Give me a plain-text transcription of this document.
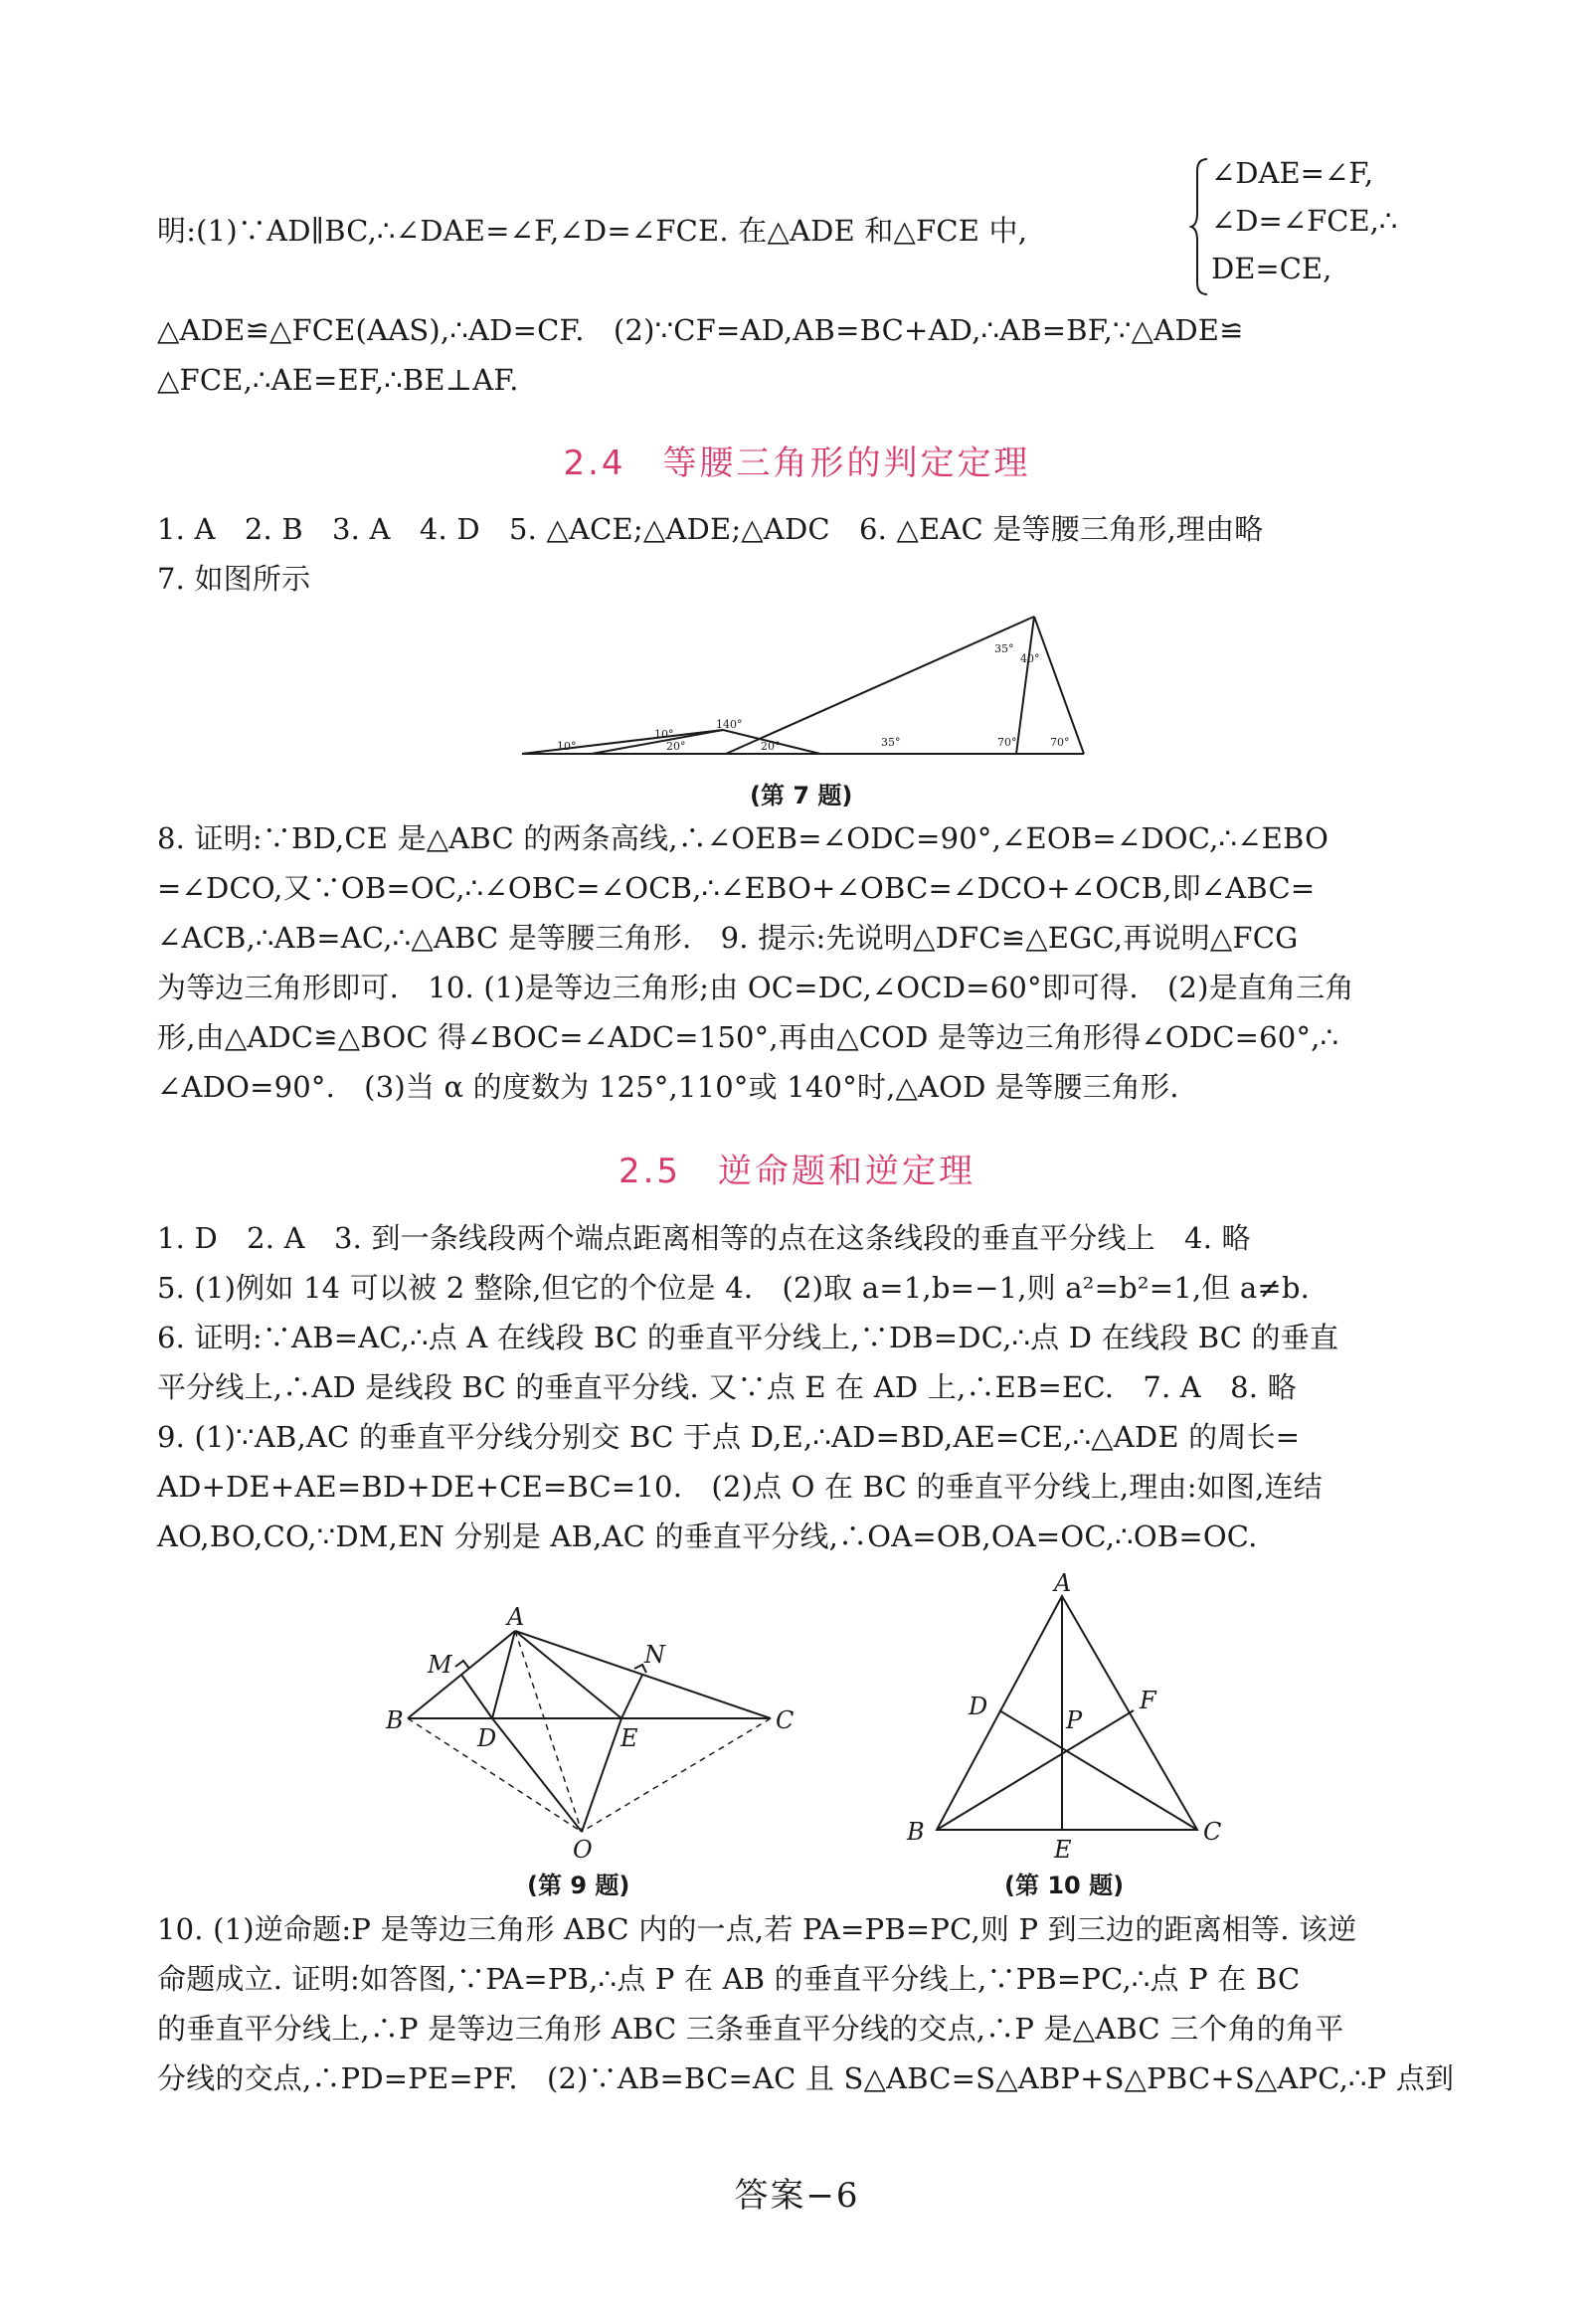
明:(1)∵AD∥BC,∴∠DAE=∠F,∠D=∠FCE. 在△ADE 和△FCE 中,
∠DAE=∠F,
∠D=∠FCE,∴
DE=CE,
△ADE≌△FCE(AAS),∴AD=CF.　(2)∵CF=AD,AB=BC+AD,∴AB=BF,∵△ADE≌
△FCE,∴AE=EF,∴BE⊥AF.
2.4　等腰三角形的判定定理
1. A　2. B　3. A　4. D　5. △ACE;△ADE;△ADC　6. △EAC 是等腰三角形,理由略
7. 如图所示
10°
10°
20°
140°
20°	35°
35°
40°
70°	70°
(第 7 题)
8. 证明:∵BD,CE 是△ABC 的两条高线,∴∠OEB=∠ODC=90°,∠EOB=∠DOC,∴∠EBO
=∠DCO,又∵OB=OC,∴∠OBC=∠OCB,∴∠EBO+∠OBC=∠DCO+∠OCB,即∠ABC=
∠ACB,∴AB=AC,∴△ABC 是等腰三角形.　9. 提示:先说明△DFC≌△EGC,再说明△FCG
为等边三角形即可.　10. (1)是等边三角形;由 OC=DC,∠OCD=60°即可得.　(2)是直角三角
形,由△ADC≌△BOC 得∠BOC=∠ADC=150°,再由△COD 是等边三角形得∠ODC=60°,∴
∠ADO=90°.　(3)当 α 的度数为 125°,110°或 140°时,△AOD 是等腰三角形.
2.5　逆命题和逆定理
1. D　2. A　3. 到一条线段两个端点距离相等的点在这条线段的垂直平分线上　4. 略
5. (1)例如 14 可以被 2 整除,但它的个位是 4.　(2)取 a=1,b=−1,则 a²=b²=1,但 a≠b.
6. 证明:∵AB=AC,∴点 A 在线段 BC 的垂直平分线上,∵DB=DC,∴点 D 在线段 BC 的垂直
平分线上,∴AD 是线段 BC 的垂直平分线. 又∵点 E 在 AD 上,∴EB=EC.　7. A　8. 略
9. (1)∵AB,AC 的垂直平分线分别交 BC 于点 D,E,∴AD=BD,AE=CE,∴△ADE 的周长=
AD+DE+AE=BD+DE+CE=BC=10.　(2)点 O 在 BC 的垂直平分线上,理由:如图,连结
AO,BO,CO,∵DM,EN 分别是 AB,AC 的垂直平分线,∴OA=OB,OA=OC,∴OB=OC.
A
M	N
B
D	E
C
O
(第 9 题)
A
D	F
P
B
E
C
(第 10 题)
10. (1)逆命题:P 是等边三角形 ABC 内的一点,若 PA=PB=PC,则 P 到三边的距离相等. 该逆
命题成立. 证明:如答图,∵PA=PB,∴点 P 在 AB 的垂直平分线上,∵PB=PC,∴点 P 在 BC
的垂直平分线上,∴P 是等边三角形 ABC 三条垂直平分线的交点,∴P 是△ABC 三个角的角平
分线的交点,∴PD=PE=PF.　(2)∵AB=BC=AC 且 S△ABC=S△ABP+S△PBC+S△APC,∴P 点到
答案−6
